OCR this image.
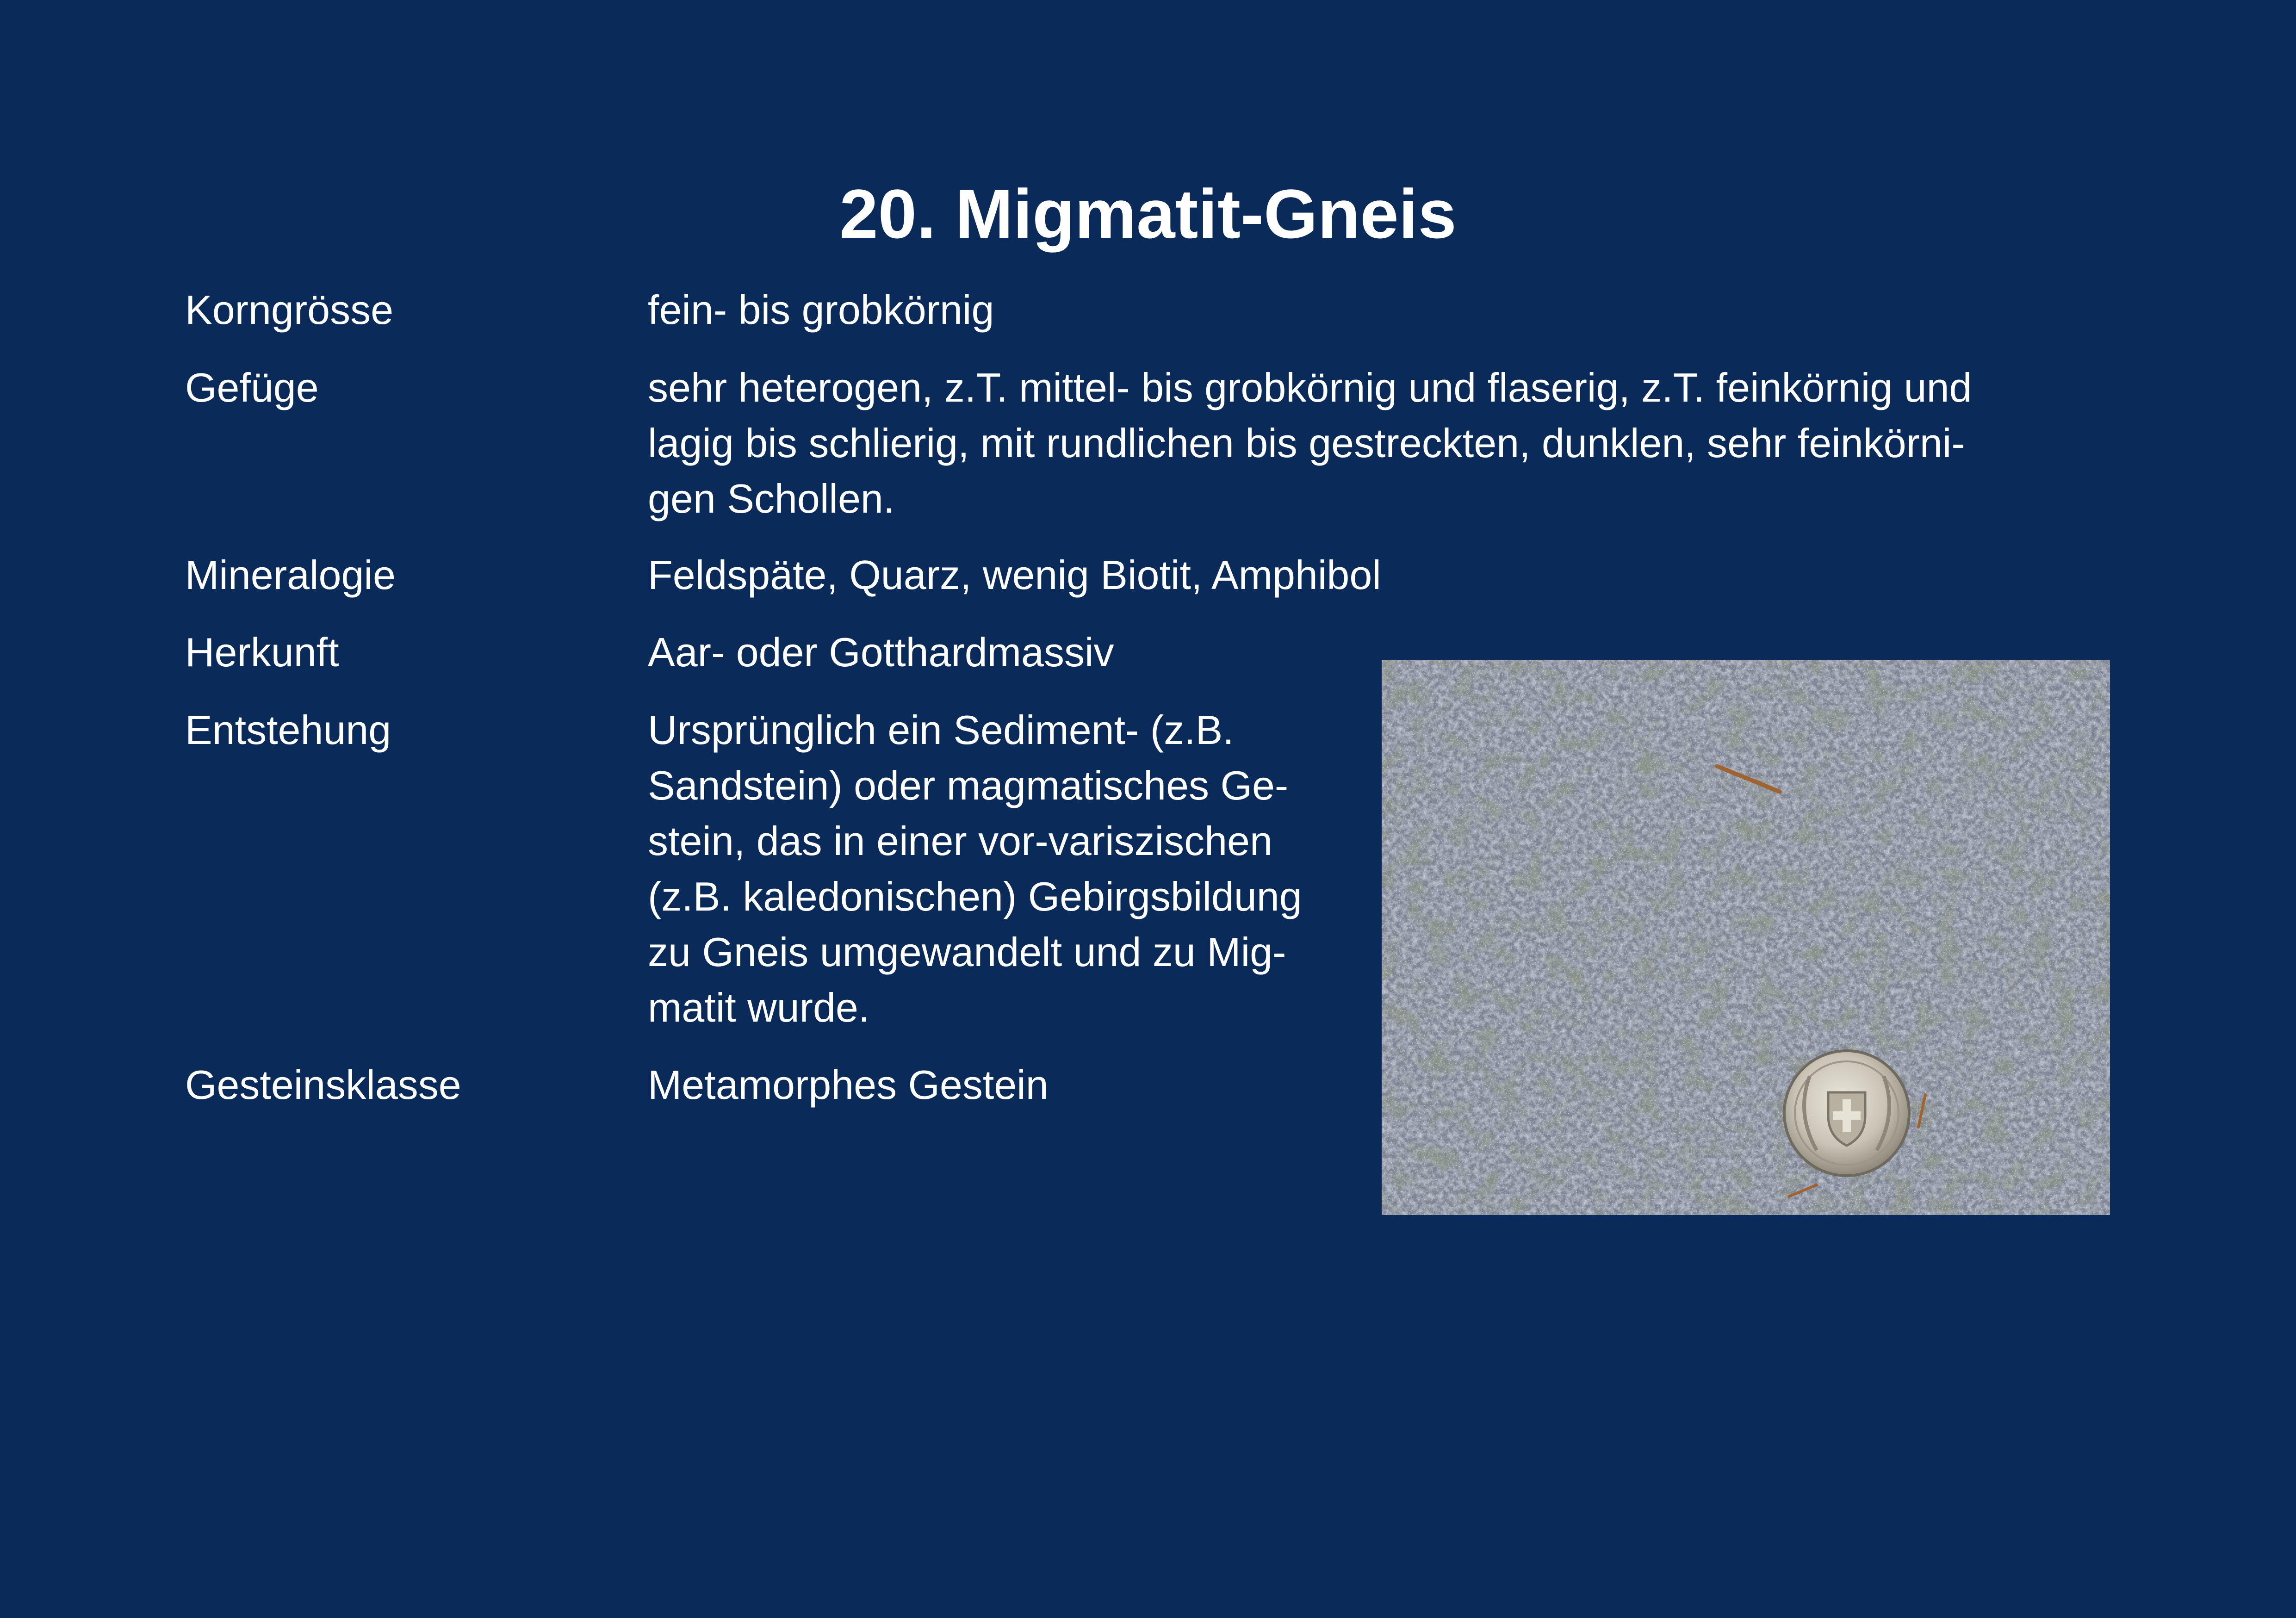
20. Migmatit-Gneis
Korngrösse	fein- bis grobkörnig
Gefüge	sehr heterogen, z.T. mittel- bis grobkörnig und flaserig, z.T. feinkörnig und
lagig bis schlierig, mit rundlichen bis gestreckten, dunklen, sehr feinkörni-
gen Schollen.
Mineralogie	Feldspäte, Quarz, wenig Biotit, Amphibol
Herkunft	Aar- oder Gotthardmassiv
Entstehung	Ursprünglich ein Sediment- (z.B.
Sandstein) oder magmatisches Ge-
stein, das in einer vor-variszischen
(z.B. kaledonischen) Gebirgsbildung
zu Gneis umgewandelt und zu Mig-
matit wurde.
Gesteinsklasse	Metamorphes Gestein
